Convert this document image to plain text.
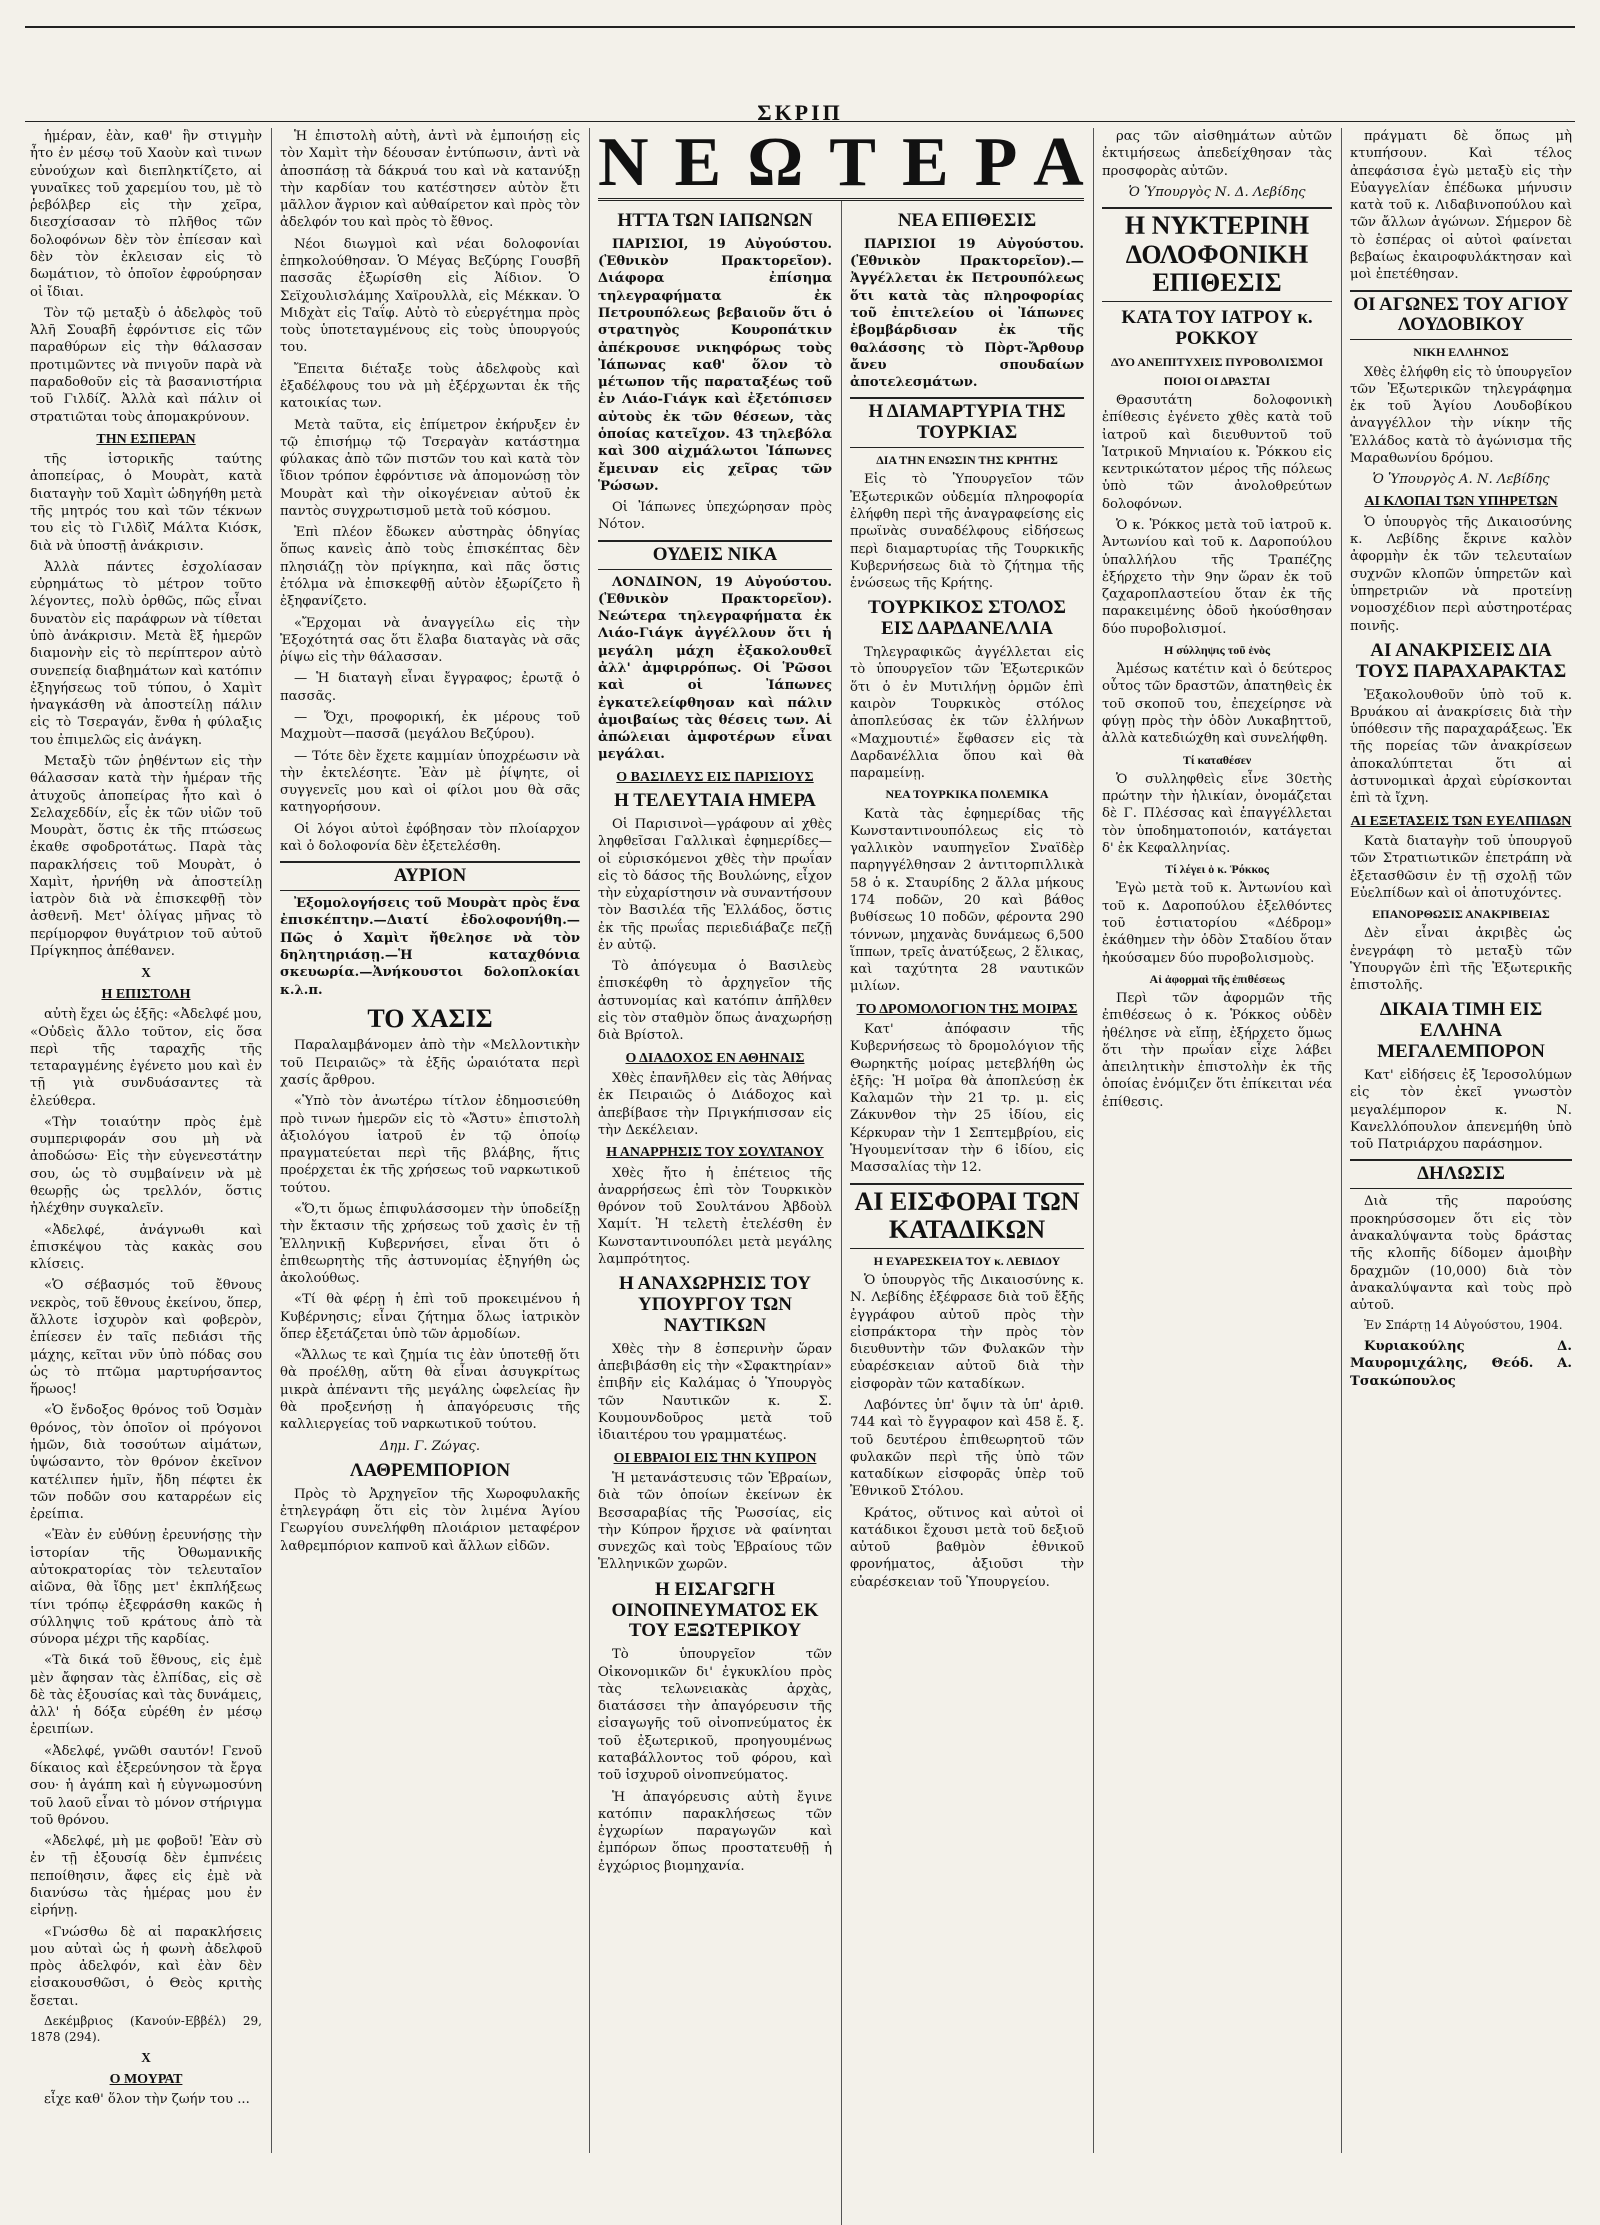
ΣΚΡΙΠ
ΝΕΩΤΕΡΑ

ἡμέραν, ἐὰν, καθ' ἣν στιγμὴν ἦτο ἐν μέσῳ τοῦ Χαοὺν καὶ τινων εὐνούχων καὶ διεπληκτίζετο, αἱ γυναῖκες τοῦ χαρεμίου του, μὲ τὸ ῥεβόλβερ εἰς τὴν χεῖρα, διεσχίσασαν τὸ πλῆθος τῶν δολοφόνων δὲν τὸν ἐπίεσαν καὶ δὲν τὸν ἐκλεισαν εἰς τὸ δωμάτιον, τὸ ὁποῖον ἐφρούρησαν οἱ ἴδιαι.

Τὸν τῷ μεταξὺ ὁ ἀδελφὸς τοῦ Ἀλῆ Σουαβῆ ἐφρόντισε εἰς τῶν παραθύρων εἰς τὴν θάλασσαν προτιμῶντες νὰ πνιγοῦν παρὰ νὰ παραδοθοῦν εἰς τὰ βασανιστήρια τοῦ Γιλδίζ. Ἀλλὰ καὶ πάλιν οἱ στρατιῶται τοὺς ἀπομακρύνουν.

ΤΗΝ ΕΣΠΕΡΑΝ

τῆς ἱστορικῆς ταύτης ἀποπείρας, ὁ Μουρὰτ, κατὰ διαταγὴν τοῦ Χαμὶτ ὡδηγήθη μετὰ τῆς μητρός του καὶ τῶν τέκνων του εἰς τὸ Γιλδὶζ Μάλτα Κιόσκ, διὰ νὰ ὑποστῇ ἀνάκρισιν.

Ἀλλὰ πάντες ἐσχολίασαν εὐρημάτως τὸ μέτρον τοῦτο λέγοντες, πολὺ ὀρθῶς, πῶς εἶναι δυνατὸν εἰς παράφρων νὰ τίθεται ὑπὸ ἀνάκρισιν. Μετὰ ἓξ ἡμερῶν διαμονὴν εἰς τὸ περίπτερον αὐτὸ συνεπείᾳ διαβημάτων καὶ κατόπιν ἐξηγήσεως τοῦ τύπου, ὁ Χαμὶτ ἠναγκάσθη νὰ ἀποστείλῃ πάλιν εἰς τὸ Τσεραγάν, ἔνθα ἡ φύλαξις του ἐπιμελῶς εἰς ἀνάγκη.

Μεταξὺ τῶν ῥηθέντων εἰς τὴν θάλασσαν κατὰ τὴν ἡμέραν τῆς ἀτυχοῦς ἀποπείρας ἦτο καὶ ὁ Σελαχεδδίν, εἷς ἐκ τῶν υἱῶν τοῦ Μουρὰτ, ὅστις ἐκ τῆς πτώσεως ἐκαθε σφοδροτάτως. Παρὰ τὰς παρακλήσεις τοῦ Μουρὰτ, ὁ Χαμὶτ, ἠρνήθη νὰ ἀποστείλῃ ἰατρὸν διὰ νὰ ἐπισκεφθῇ τὸν ἀσθενῆ. Μετ' ὀλίγας μῆνας τὸ περίμορφον θυγάτριον τοῦ αὐτοῦ Πρίγκηπος ἀπέθανεν.

Χ
Η ΕΠΙΣΤΟΛΗ

αὐτὴ ἔχει ὡς ἑξῆς: «Ἀδελφέ μου, «Οὐδεὶς ἄλλο τοῦτον, εἰς ὅσα περὶ τῆς ταραχῆς τῆς τεταραγμένης ἐγένετο μου καὶ ἐν τῇ γιὰ συνδυάσαντες τὰ ἐλεύθερα.

«Τὴν τοιαύτην πρὸς ἐμὲ συμπεριφοράν σου μὴ νὰ ἀποδώσω· Εἰς τὴν εὐγενεστάτην σου, ὡς τὸ συμβαίνειν νὰ μὲ θεωρῇς ὡς τρελλόν, ὅστις ἠλέχθην συγκαλεῖν.

«Ἀδελφέ, ἀνάγνωθι καὶ ἐπισκέψου τὰς κακὰς σου κλίσεις.

«Ὁ σέβασμός τοῦ ἔθνους νεκρὸς, τοῦ ἔθνους ἐκείνου, ὅπερ, ἄλλοτε ἰσχυρὸν καὶ φοβερὸν, ἐπίεσεν ἐν ταῖς πεδιάσι τῆς μάχης, κεῖται νῦν ὑπὸ πόδας σου ὡς τὸ πτῶμα μαρτυρήσαντος ἥρωος!

«Ὁ ἔνδοξος θρόνος τοῦ Ὀσμὰν θρόνος, τὸν ὁποῖον οἱ πρόγονοι ἡμῶν, διὰ τοσούτων αἱμάτων, ὑψώσαντο, τὸν θρόνον ἐκεῖνον κατέλιπεν ἡμῖν, ἤδη πέφτει ἐκ τῶν ποδῶν σου καταρρέων εἰς ἐρείπια.

«Ἐὰν ἐν εὐθύνῃ ἐρευνήσῃς τὴν ἱστορίαν τῆς Ὀθωμανικῆς αὐτοκρατορίας τὸν τελευταῖον αἰῶνα, θὰ ἴδῃς μετ' ἐκπλήξεως τίνι τρόπῳ ἐξεφράσθη κακῶς ἡ σύλληψις τοῦ κράτους ἀπὸ τὰ σύνορα μέχρι τῆς καρδίας.

«Τὰ δικά τοῦ ἔθνους, εἰς ἐμὲ μὲν ἄφησαν τὰς ἐλπίδας, εἰς σὲ δὲ τὰς ἐξουσίας καὶ τὰς δυνάμεις, ἀλλ' ἡ δόξα εὑρέθη ἐν μέσῳ ἐρειπίων.

«Ἀδελφέ, γνῶθι σαυτόν! Γενοῦ δίκαιος καὶ ἐξερεύνησον τὰ ἔργα σου· ἡ ἀγάπη καὶ ἡ εὐγνωμοσύνη τοῦ λαοῦ εἶναι τὸ μόνον στήριγμα τοῦ θρόνου.

«Ἀδελφέ, μὴ με φοβοῦ! Ἐὰν σὺ ἐν τῇ ἐξουσίᾳ δὲν ἐμπνέεις πεποίθησιν, ἄφες εἰς ἐμὲ νὰ διανύσω τὰς ἡμέρας μου ἐν εἰρήνῃ.

«Γνώσθω δὲ αἱ παρακλήσεις μου αὐταὶ ὡς ἡ φωνὴ ἀδελφοῦ πρὸς ἀδελφόν, καὶ ἐὰν δὲν εἰσακουσθῶσι, ὁ Θεὸς κριτὴς ἔσεται.

Δεκέμβριος (Κανούν-Εββέλ) 29, 1878 (294).

Χ
Ο ΜΟΥΡΑΤ

εἶχε καθ' ὅλον τὴν ζωήν του ...

Ἡ ἐπιστολὴ αὐτὴ, ἀντὶ νὰ ἐμποιήσῃ εἰς τὸν Χαμὶτ τὴν δέουσαν ἐντύπωσιν, ἀντὶ νὰ ἀποσπάσῃ τὰ δάκρυά του καὶ νὰ κατανύξῃ τὴν καρδίαν του κατέστησεν αὐτὸν ἔτι μᾶλλον ἄγριον καὶ αὐθαίρετον καὶ πρὸς τὸν ἀδελφόν του καὶ πρὸς τὸ ἔθνος.

Νέοι διωγμοὶ καὶ νέαι δολοφονίαι ἐπηκολούθησαν. Ὁ Μέγας Βεζύρης Γουσβῆ πασσᾶς ἐξωρίσθη εἰς Ἀίδιον. Ὁ Σεϊχουλισλάμης Χαϊρουλλὰ, εἰς Μέκκαν. Ὁ Μιδχὰτ εἰς Ταΐφ. Αὐτὸ τὸ εὐεργέτημα πρὸς τοὺς ὑποτεταγμένους εἰς τοὺς ὑπουργούς του.

Ἔπειτα διέταξε τοὺς ἀδελφοὺς καὶ ἐξαδέλφους του νὰ μὴ ἐξέρχωνται ἐκ τῆς κατοικίας των.

Μετὰ ταῦτα, εἰς ἐπίμετρον ἐκήρυξεν ἐν τῷ ἐπισήμῳ τῷ Τσεραγὰν κατάστημα φύλακας ἀπὸ τῶν πιστῶν του καὶ κατὰ τὸν ἴδιον τρόπον ἐφρόντισε νὰ ἀπομονώσῃ τὸν Μουρὰτ καὶ τὴν οἰκογένειαν αὐτοῦ ἐκ παντὸς συγχρωτισμοῦ μετὰ τοῦ κόσμου.

Ἐπὶ πλέον ἔδωκεν αὐστηρὰς ὁδηγίας ὅπως κανεὶς ἀπὸ τοὺς ἐπισκέπτας δὲν πλησιάζῃ τὸν πρίγκηπα, καὶ πᾶς ὅστις ἐτόλμα νὰ ἐπισκεφθῇ αὐτὸν ἐξωρίζετο ἢ ἐξηφανίζετο.

«Ἔρχομαι νὰ ἀναγγείλω εἰς τὴν Ἐξοχότητά σας ὅτι ἔλαβα διαταγὰς νὰ σᾶς ῥίψω εἰς τὴν θάλασσαν.

— Ἡ διαταγὴ εἶναι ἔγγραφος; ἐρωτᾷ ὁ πασσᾶς.

— Ὄχι, προφορική, ἐκ μέρους τοῦ Μαχμοὺτ—πασσᾶ (μεγάλου Βεζύρου).

— Τότε δὲν ἔχετε καμμίαν ὑποχρέωσιν νὰ τὴν ἐκτελέσητε. Ἐὰν μὲ ῥίψητε, οἱ συγγενεῖς μου καὶ οἱ φίλοι μου θὰ σᾶς κατηγορήσουν.

Οἱ λόγοι αὐτοὶ ἐφόβησαν τὸν πλοίαρχον καὶ ὁ δολοφονία δὲν ἐξετελέσθη.

ΑΥΡΙΟΝ

Ἐξομολογήσεις τοῦ Μουρὰτ πρὸς ἕνα ἐπισκέπτην.—Διατί ἐδολοφονήθη.—Πῶς ὁ Χαμὶτ ἤθελησε νὰ τὸν δηλητηριάσῃ.—Ἡ καταχθόνια σκευωρία.—Ἀνήκουστοι δολοπλοκίαι κ.λ.π.

ΤΟ ΧΑΣΙΣ

Παραλαμβάνομεν ἀπὸ τὴν «Μελλοντικὴν τοῦ Πειραιῶς» τὰ ἑξῆς ὡραιότατα περὶ χασίς ἄρθρου.

«Ὑπὸ τὸν ἀνωτέρω τίτλον ἐδημοσιεύθη πρὸ τινων ἡμερῶν εἰς τὸ «Ἄστυ» ἐπιστολὴ ἀξιολόγου ἰατροῦ ἐν τῷ ὁποίῳ πραγματεύεται περὶ τῆς βλάβης, ἥτις προέρχεται ἐκ τῆς χρήσεως τοῦ ναρκωτικοῦ τούτου.

«Ὅ,τι ὅμως ἐπιφυλάσσομεν τὴν ὑποδείξῃ τὴν ἔκτασιν τῆς χρήσεως τοῦ χασὶς ἐν τῇ Ἑλληνικῇ Κυβερνήσει, εἶναι ὅτι ὁ ἐπιθεωρητὴς τῆς ἀστυνομίας ἐξηγήθη ὡς ἀκολούθως.

«Τί θὰ φέρῃ ἡ ἐπὶ τοῦ προκειμένου ἡ Κυβέρνησις; εἶναι ζήτημα ὅλως ἰατρικὸν ὅπερ ἐξετάζεται ὑπὸ τῶν ἁρμοδίων.

«Ἄλλως τε καὶ ζημία τις ἐὰν ὑποτεθῇ ὅτι θὰ προέλθῃ, αὕτη θὰ εἶναι ἀσυγκρίτως μικρὰ ἀπέναντι τῆς μεγάλης ὠφελείας ἣν θὰ προξενήσῃ ἡ ἀπαγόρευσις τῆς καλλιεργείας τοῦ ναρκωτικοῦ τούτου.

Δημ. Γ. Ζώγας.
ΛΑΘΡΕΜΠΟΡΙΟΝ

Πρὸς τὸ Ἀρχηγεῖον τῆς Χωροφυλακῆς ἐτηλεγράφη ὅτι εἰς τὸν λιμένα Ἁγίου Γεωργίου συνελήφθη πλοιάριον μεταφέρον λαθρεμπόριον καπνοῦ καὶ ἄλλων εἰδῶν.

ΗΤΤΑ ΤΩΝ ΙΑΠΩΝΩΝ

ΠΑΡΙΣΙΟΙ, 19 Αὐγούστου. (Ἐθνικὸν Πρακτορεῖον). Διάφορα ἐπίσημα τηλεγραφήματα ἐκ Πετρουπόλεως βεβαιοῦν ὅτι ὁ στρατηγὸς Κουροπάτκιν ἀπέκρουσε νικηφόρως τοὺς Ἰάπωνας καθ' ὅλον τὸ μέτωπον τῆς παραταξέως τοῦ ἐν Λιάο-Γιάγκ καὶ ἐξετόπισεν αὐτοὺς ἐκ τῶν θέσεων, τὰς ὁποίας κατεῖχον. 43 τηλεβόλα καὶ 300 αἰχμάλωτοι Ἰάπωνες ἔμειναν εἰς χεῖρας τῶν Ῥώσων.

Οἱ Ἰάπωνες ὑπεχώρησαν πρὸς Νότον.

ΟΥΔΕΙΣ ΝΙΚΑ

ΛΟΝΔΙΝΟΝ, 19 Αὐγούστου. (Ἐθνικὸν Πρακτορεῖον). Νεώτερα τηλεγραφήματα ἐκ Λιάο-Γιάγκ ἀγγέλλουν ὅτι ἡ μεγάλη μάχη ἐξακολουθεῖ ἀλλ' ἀμφιρρόπως. Οἱ Ῥῶσοι καὶ οἱ Ἰάπωνες ἐγκατελείφθησαν καὶ πάλιν ἀμοιβαίως τὰς θέσεις των. Αἱ ἀπώλειαι ἀμφοτέρων εἶναι μεγάλαι.

Ο ΒΑΣΙΛΕΥΣ ΕΙΣ ΠΑΡΙΣΙΟΥΣ
Η ΤΕΛΕΥΤΑΙΑ ΗΜΕΡΑ

Οἱ Παρισινοὶ—γράφουν αἱ χθὲς ληφθεῖσαι Γαλλικαὶ ἐφημερίδες—οἱ εὑρισκόμενοι χθὲς τὴν πρωΐαν εἰς τὸ δάσος τῆς Βουλώνης, εἶχον τὴν εὐχαρίστησιν νὰ συναντήσουν τὸν Βασιλέα τῆς Ἑλλάδος, ὅστις ἐκ τῆς πρωΐας περιεδιάβαζε πεζῇ ἐν αὐτῷ.

Τὸ ἀπόγευμα ὁ Βασιλεὺς ἐπισκέφθη τὸ ἀρχηγεῖον τῆς ἀστυνομίας καὶ κατόπιν ἀπῆλθεν εἰς τὸν σταθμὸν ὅπως ἀναχωρήσῃ διὰ Βρίστολ.

Ο ΔΙΑΔΟΧΟΣ ΕΝ ΑΘΗΝΑΙΣ

Χθὲς ἐπανῆλθεν εἰς τὰς Ἀθήνας ἐκ Πειραιῶς ὁ Διάδοχος καὶ ἀπεβίβασε τὴν Πριγκήπισσαν εἰς τὴν Δεκέλειαν.

Η ΑΝΑΡΡΗΣΙΣ ΤΟΥ ΣΟΥΛΤΑΝΟΥ

Χθὲς ἤτο ἡ ἐπέτειος τῆς ἀναρρήσεως ἐπὶ τὸν Τουρκικὸν θρόνον τοῦ Σουλτάνου Ἀβδοὺλ Χαμίτ. Ἡ τελετὴ ἐτελέσθη ἐν Κωνσταντινουπόλει μετὰ μεγάλης λαμπρότητος.

Η ΑΝΑΧΩΡΗΣΙΣ ΤΟΥ ΥΠΟΥΡΓΟΥ ΤΩΝ ΝΑΥΤΙΚΩΝ

Χθὲς τὴν 8 ἑσπερινὴν ὥραν ἀπεβιβάσθη εἰς τὴν «Σφακτηρίαν» ἐπιβῆν εἰς Καλάμας ὁ Ὑπουργὸς τῶν Ναυτικῶν κ. Σ. Κουμουνδοῦρος μετὰ τοῦ ἰδιαιτέρου του γραμματέως.

ΟΙ ΕΒΡΑΙΟΙ ΕΙΣ ΤΗΝ ΚΥΠΡΟΝ

Ἡ μετανάστευσις τῶν Ἑβραίων, διὰ τῶν ὁποίων ἐκείνων ἐκ Βεσσαραβίας τῆς Ῥωσσίας, εἰς τὴν Κύπρον ἤρχισε νὰ φαίνηται συνεχῶς καὶ τοὺς Ἑβραίους τῶν Ἑλληνικῶν χωρῶν.

Η ΕΙΣΑΓΩΓΗ ΟΙΝΟΠΝΕΥΜΑΤΟΣ ΕΚ ΤΟΥ ΕΞΩΤΕΡΙΚΟΥ

Τὸ ὑπουργεῖον τῶν Οἰκονομικῶν δι' ἐγκυκλίου πρὸς τὰς τελωνειακὰς ἀρχὰς, διατάσσει τὴν ἀπαγόρευσιν τῆς εἰσαγωγῆς τοῦ οἰνοπνεύματος ἐκ τοῦ ἐξωτερικοῦ, προηγουμένως καταβάλλοντος τοῦ φόρου, καὶ τοῦ ἰσχυροῦ οἰνοπνεύματος.

Ἡ ἀπαγόρευσις αὐτὴ ἔγινε κατόπιν παρακλήσεως τῶν ἐγχωρίων παραγωγῶν καὶ ἐμπόρων ὅπως προστατευθῇ ἡ ἐγχώριος βιομηχανία.

ΝΕΑ ΕΠΙΘΕΣΙΣ

ΠΑΡΙΣΙΟΙ 19 Αὐγούστου. (Ἐθνικὸν Πρακτορεῖον).—Ἀγγέλλεται ἐκ Πετρουπόλεως ὅτι κατὰ τὰς πληροφορίας τοῦ ἐπιτελείου οἱ Ἰάπωνες ἐβομβάρδισαν ἐκ τῆς θαλάσσης τὸ Πὸρτ-Ἄρθουρ ἄνευ σπουδαίων ἀποτελεσμάτων.

Η ΔΙΑΜΑΡΤΥΡΙΑ ΤΗΣ ΤΟΥΡΚΙΑΣ
ΔΙΑ ΤΗΝ ΕΝΩΣΙΝ ΤΗΣ ΚΡΗΤΗΣ

Εἰς τὸ Ὑπουργεῖον τῶν Ἐξωτερικῶν οὐδεμία πληροφορία ἐλήφθη περὶ τῆς ἀναγραφείσης εἰς πρωϊνὰς συναδέλφους εἰδήσεως περὶ διαμαρτυρίας τῆς Τουρκικῆς Κυβερνήσεως διὰ τὸ ζήτημα τῆς ἑνώσεως τῆς Κρήτης.

ΤΟΥΡΚΙΚΟΣ ΣΤΟΛΟΣ ΕΙΣ ΔΑΡΔΑΝΕΛΛΙΑ

Τηλεγραφικῶς ἀγγέλλεται εἰς τὸ ὑπουργεῖον τῶν Ἐξωτερικῶν ὅτι ὁ ἐν Μυτιλήνῃ ὁρμῶν ἐπὶ καιρὸν Τουρκικὸς στόλος ἀποπλεύσας ἐκ τῶν ἐλλήνων «Μαχμουτιέ» ἔφθασεν εἰς τὰ Δαρδανέλλια ὅπου καὶ θὰ παραμείνῃ.

ΝΕΑ ΤΟΥΡΚΙΚΑ ΠΟΛΕΜΙΚΑ

Κατὰ τὰς ἐφημερίδας τῆς Κωνσταντινουπόλεως εἰς τὸ γαλλικὸν ναυπηγεῖον Σναϊδὲρ παρηγγέλθησαν 2 ἀντιτορπιλλικὰ 58 ὁ κ. Σταυρίδης 2 ἄλλα μήκους 174 ποδῶν, 20 καὶ βάθος βυθίσεως 10 ποδῶν, φέροντα 290 τόννων, μηχανὰς δυνάμεως 6,500 ἵππων, τρεῖς ἀνατύξεως, 2 ἔλικας, καὶ ταχύτητα 28 ναυτικῶν μιλίων.

ΤΟ ΔΡΟΜΟΛΟΓΙΟΝ ΤΗΣ ΜΟΙΡΑΣ

Κατ' ἀπόφασιν τῆς Κυβερνήσεως τὸ δρομολόγιον τῆς Θωρηκτῆς μοίρας μετεβλήθη ὡς ἑξῆς: Ἡ μοῖρα θὰ ἀποπλεύσῃ ἐκ Καλαμῶν τὴν 21 τρ. μ. εἰς Ζάκυνθον τὴν 25 ἰδίου, εἰς Κέρκυραν τὴν 1 Σεπτεμβρίου, εἰς Ἡγουμενίτσαν τὴν 6 ἰδίου, εἰς Μασσαλίας τὴν 12.

ΑΙ ΕΙΣΦΟΡΑΙ ΤΩΝ ΚΑΤΑΔΙΚΩΝ
Η ΕΥΑΡΕΣΚΕΙΑ ΤΟΥ κ. ΛΕΒΙΔΟΥ

Ὁ ὑπουργὸς τῆς Δικαιοσύνης κ. Ν. Λεβίδης ἐξέφρασε διὰ τοῦ ἔξῆς ἐγγράφου αὐτοῦ πρὸς τὴν εἰσπράκτορα τὴν πρὸς τὸν διευθυντὴν τῶν Φυλακῶν τὴν εὐαρέσκειαν αὐτοῦ διὰ τὴν εἰσφορὰν τῶν καταδίκων.

Λαβόντες ὑπ' ὄψιν τὰ ὑπ' ἀριθ. 744 καὶ τὸ ἔγγραφον καὶ 458 ἔ. ξ. τοῦ δευτέρου ἐπιθεωρητοῦ τῶν φυλακῶν περὶ τῆς ὑπὸ τῶν καταδίκων εἰσφορᾶς ὑπὲρ τοῦ Ἐθνικοῦ Στόλου.

Κράτος, οὕτινος καὶ αὐτοὶ οἱ κατάδικοι ἔχουσι μετὰ τοῦ δεξιοῦ αὐτοῦ βαθμὸν ἐθνικοῦ φρονήματος, ἀξιοῦσι τὴν εὐαρέσκειαν τοῦ Ὑπουργείου.

ρας τῶν αἰσθημάτων αὐτῶν ἐκτιμήσεως ἀπεδείχθησαν τὰς προσφορὰς αὐτῶν.

Ὁ Ὑπουργὸς Ν. Δ. Λεβίδης
Η ΝΥΚΤΕΡΙΝΗ ΔΟΛΟΦΟΝΙΚΗ ΕΠΙΘΕΣΙΣ
ΚΑΤΑ ΤΟΥ ΙΑΤΡΟΥ κ. ΡΟΚΚΟΥ
ΔΥΟ ΑΝΕΠΙΤΥΧΕΙΣ ΠΥΡΟΒΟΛΙΣΜΟΙ
ΠΟΙΟΙ ΟΙ ΔΡΑΣΤΑΙ

Θρασυτάτη δολοφονικὴ ἐπίθεσις ἐγένετο χθὲς κατὰ τοῦ ἰατροῦ καὶ διευθυντοῦ τοῦ Ἰατρικοῦ Μηνιαίου κ. Ῥόκκου εἰς κεντρικώτατον μέρος τῆς πόλεως ὑπὸ τῶν ἀνολοθρεύτων δολοφόνων.

Ὁ κ. Ῥόκκος μετὰ τοῦ ἰατροῦ κ. Ἀντωνίου καὶ τοῦ κ. Δαροπούλου ὑπαλλήλου τῆς Τραπέζης ἐξήρχετο τὴν 9ην ὥραν ἐκ τοῦ ζαχαροπλαστείου ὅταν ἐκ τῆς παρακειμένης ὁδοῦ ἠκούσθησαν δύο πυροβολισμοί.

Η σύλληψις τοῦ ἑνὸς

Ἀμέσως κατέτιν καὶ ὁ δεύτερος οὗτος τῶν δραστῶν, ἀπατηθεὶς ἐκ τοῦ σκοποῦ του, ἐπεχείρησε νὰ φύγῃ πρὸς τὴν ὁδὸν Λυκαβηττοῦ, ἀλλὰ κατεδιώχθη καὶ συνελήφθη.

Τί καταθέσεν

Ὁ συλληφθεὶς εἶνε 30ετὴς πρώτην τὴν ἡλικίαν, ὀνομάζεται δὲ Γ. Πλέσσας καὶ ἐπαγγέλλεται τὸν ὑποδηματοποιόν, κατάγεται δ' ἐκ Κεφαλληνίας.

Τί λέγει ὁ κ. Ῥόκκος

Ἐγὼ μετὰ τοῦ κ. Ἀντωνίου καὶ τοῦ κ. Δαροπούλου ἐξελθόντες τοῦ ἑστιατορίου «Δέδρομ» ἐκάθημεν τὴν ὁδὸν Σταδίου ὅταν ἠκούσαμεν δύο πυροβολισμοὺς.

Αἱ ἀφορμαὶ τῆς ἐπιθέσεως

Περὶ τῶν ἀφορμῶν τῆς ἐπιθέσεως ὁ κ. Ῥόκκος οὐδὲν ἠθέλησε νὰ εἴπῃ, ἐξήρχετο ὅμως ὅτι τὴν πρωΐαν εἶχε λάβει ἀπειλητικὴν ἐπιστολὴν ἐκ τῆς ὁποίας ἐνόμιζεν ὅτι ἐπίκειται νέα ἐπίθεσις.

πράγματι δὲ ὅπως μὴ κτυπήσουν. Καὶ τέλος ἀπεφάσισα ἐγὼ μεταξὺ εἰς τὴν Εὐαγγελίαν ἐπέδωκα μήνυσιν κατὰ τοῦ κ. Λιδαβινοπούλου καὶ τῶν ἄλλων ἀγώνων. Σήμερον δὲ τὸ ἑσπέρας οἱ αὐτοὶ φαίνεται βεβαίως ἐκαιροφυλάκτησαν καὶ μοὶ ἐπετέθησαν.

ΟΙ ΑΓΩΝΕΣ ΤΟΥ ΑΓΙΟΥ ΛΟΥΔΟΒΙΚΟΥ
ΝΙΚΗ ΕΛΛΗΝΟΣ

Χθὲς ἐλήφθη εἰς τὸ ὑπουργεῖον τῶν Ἐξωτερικῶν τηλεγράφημα ἐκ τοῦ Ἁγίου Λουδοβίκου ἀναγγέλλον τὴν νίκην τῆς Ἑλλάδος κατὰ τὸ ἀγώνισμα τῆς Μαραθωνίου δρόμου.

Ὁ Ὑπουργὸς Α. Ν. Λεβίδης
ΑΙ ΚΛΟΠΑΙ ΤΩΝ ΥΠΗΡΕΤΩΝ

Ὁ ὑπουργὸς τῆς Δικαιοσύνης κ. Λεβίδης ἔκρινε καλὸν ἀφορμὴν ἐκ τῶν τελευταίων συχνῶν κλοπῶν ὑπηρετῶν καὶ ὑπηρετριῶν νὰ προτείνῃ νομοσχέδιον περὶ αὐστηροτέρας ποινῆς.

ΑΙ ΑΝΑΚΡΙΣΕΙΣ ΔΙΑ ΤΟΥΣ ΠΑΡΑΧΑΡΑΚΤΑΣ

Ἐξακολουθοῦν ὑπὸ τοῦ κ. Βρυάκου αἱ ἀνακρίσεις διὰ τὴν ὑπόθεσιν τῆς παραχαράξεως. Ἐκ τῆς πορείας τῶν ἀνακρίσεων ἀποκαλύπτεται ὅτι αἱ ἀστυνομικαὶ ἀρχαὶ εὑρίσκονται ἐπὶ τὰ ἴχνη.

ΑΙ ΕΞΕΤΑΣΕΙΣ ΤΩΝ ΕΥΕΛΠΙΔΩΝ

Κατὰ διαταγὴν τοῦ ὑπουργοῦ τῶν Στρατιωτικῶν ἐπετράπη νὰ ἐξετασθῶσιν ἐν τῇ σχολῇ τῶν Εὐελπίδων καὶ οἱ ἀποτυχόντες.

ΕΠΑΝΟΡΘΩΣΙΣ ΑΝΑΚΡΙΒΕΙΑΣ

Δὲν εἶναι ἀκριβὲς ὡς ἐνεγράφη τὸ μεταξὺ τῶν Ὑπουργῶν ἐπὶ τῆς Ἐξωτερικῆς ἐπιστολῆς.

ΔΙΚΑΙΑ ΤΙΜΗ ΕΙΣ ΕΛΛΗΝΑ ΜΕΓΑΛΕΜΠΟΡΟΝ

Κατ' εἰδήσεις ἐξ Ἱεροσολύμων εἰς τὸν ἐκεῖ γνωστὸν μεγαλέμπορον κ. Ν. Κανελλόπουλον ἀπενεμήθη ὑπὸ τοῦ Πατριάρχου παράσημον.

ΔΗΛΩΣΙΣ

Διὰ τῆς παρούσης προκηρύσσομεν ὅτι εἰς τὸν ἀνακαλύψαντα τοὺς δράστας τῆς κλοπῆς δίδομεν ἀμοιβὴν δραχμῶν (10,000) διὰ τὸν ἀνακαλύψαντα καὶ τοὺς πρὸ αὐτοῦ.

Ἐν Σπάρτῃ 14 Αὐγούστου, 1904.

Κυριακούλης Δ. Μαυρομιχάλης, Θεόδ. Α. Τσακώπουλος
